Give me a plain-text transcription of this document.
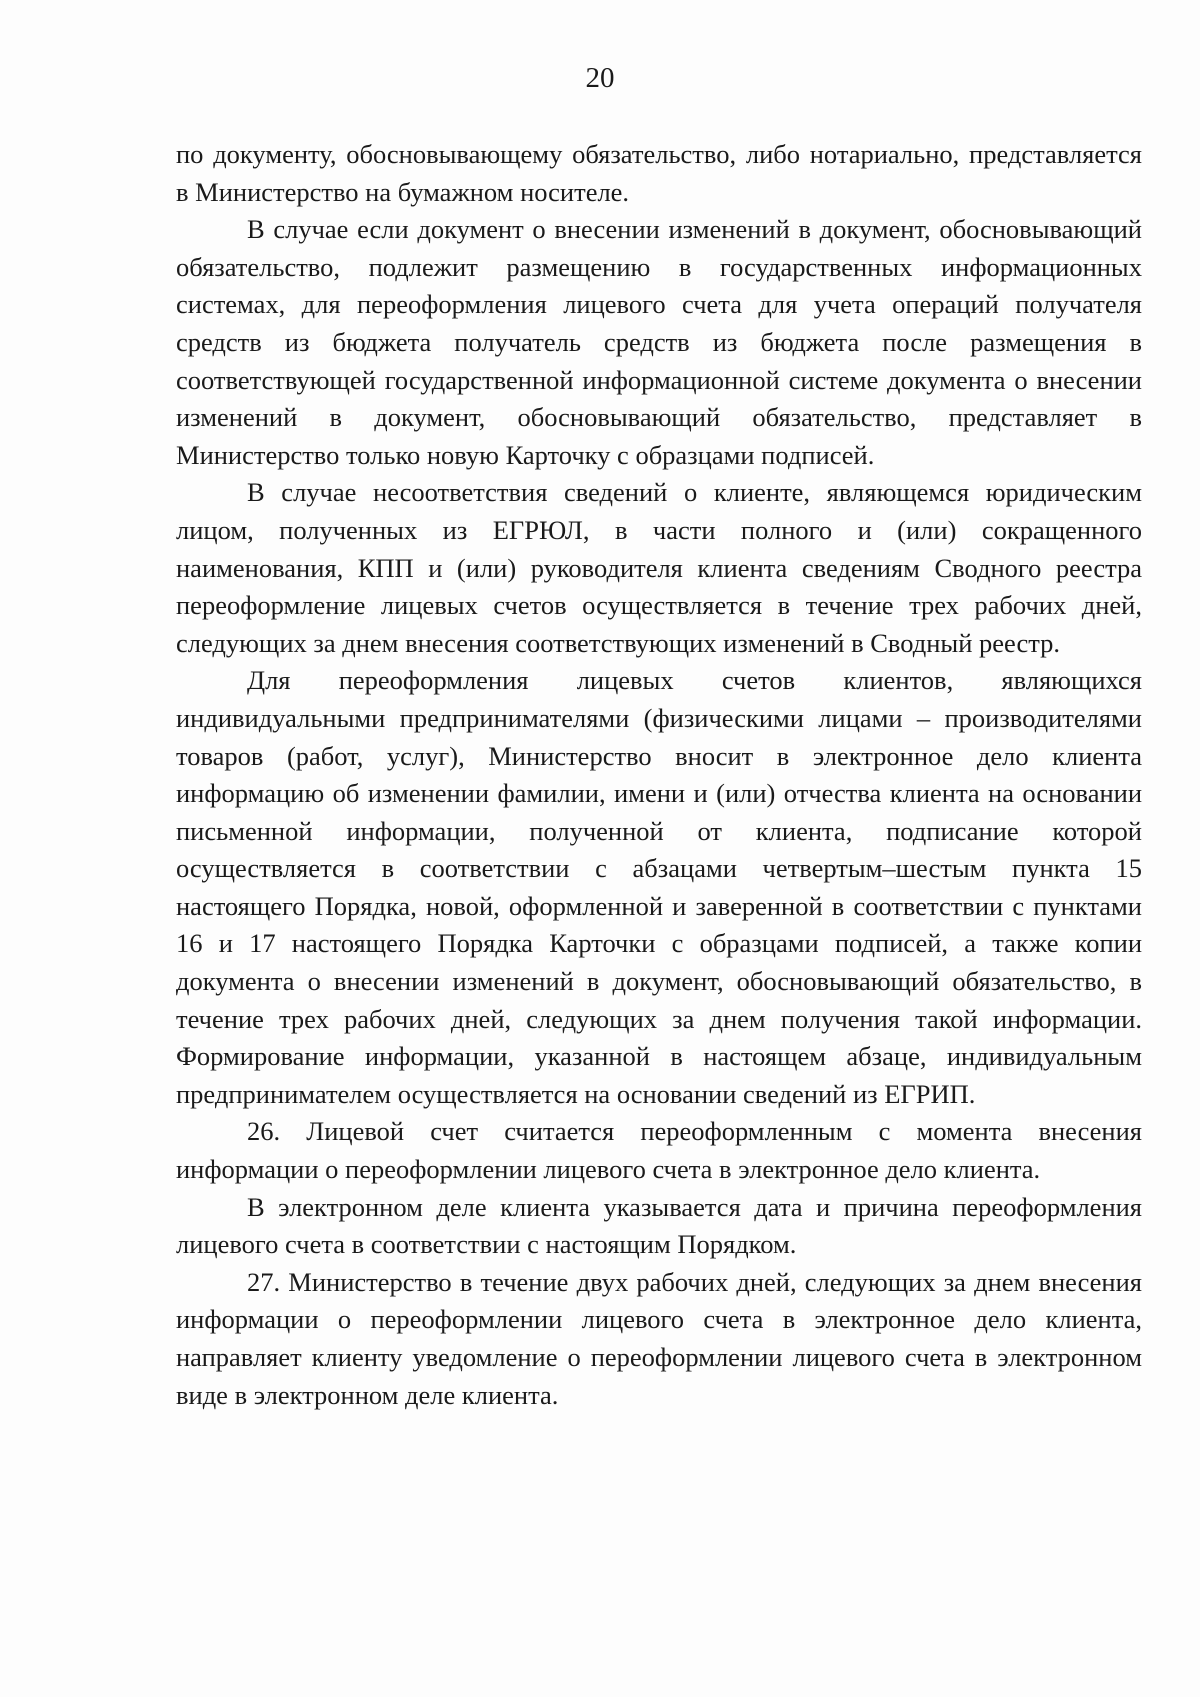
20

по документу, обосновывающему обязательство, либо нотариально, представляется в Министерство на бумажном носителе.

В случае если документ о внесении изменений в документ, обосновывающий обязательство, подлежит размещению в государственных информационных системах, для переоформления лицевого счета для учета операций получателя средств из бюджета получатель средств из бюджета после размещения в соответствующей государственной информационной системе документа о внесении изменений в документ, обосновывающий обязательство, представляет в Министерство только новую Карточку с образцами подписей.

В случае несоответствия сведений о клиенте, являющемся юридическим лицом, полученных из ЕГРЮЛ, в части полного и (или) сокращенного наименования, КПП и (или) руководителя клиента сведениям Сводного реестра переоформление лицевых счетов осуществляется в течение трех рабочих дней, следующих за днем внесения соответствующих изменений в Сводный реестр.

Для переоформления лицевых счетов клиентов, являющихся индивидуальными предпринимателями (физическими лицами – производителями товаров (работ, услуг), Министерство вносит в электронное дело клиента информацию об изменении фамилии, имени и (или) отчества клиента на основании письменной информации, полученной от клиента, подписание которой осуществляется в соответствии с абзацами четвертым–шестым пункта 15 настоящего Порядка, новой, оформленной и заверенной в соответствии с пунктами 16 и 17 настоящего Порядка Карточки с образцами подписей, а также копии документа о внесении изменений в документ, обосновывающий обязательство, в течение трех рабочих дней, следующих за днем получения такой информации. Формирование информации, указанной в настоящем абзаце, индивидуальным предпринимателем осуществляется на основании сведений из ЕГРИП.

26. Лицевой счет считается переоформленным с момента внесения информации о переоформлении лицевого счета в электронное дело клиента.

В электронном деле клиента указывается дата и причина переоформления лицевого счета в соответствии с настоящим Порядком.

27. Министерство в течение двух рабочих дней, следующих за днем внесения информации о переоформлении лицевого счета в электронное дело клиента, направляет клиенту уведомление о переоформлении лицевого счета в электронном виде в электронном деле клиента.
